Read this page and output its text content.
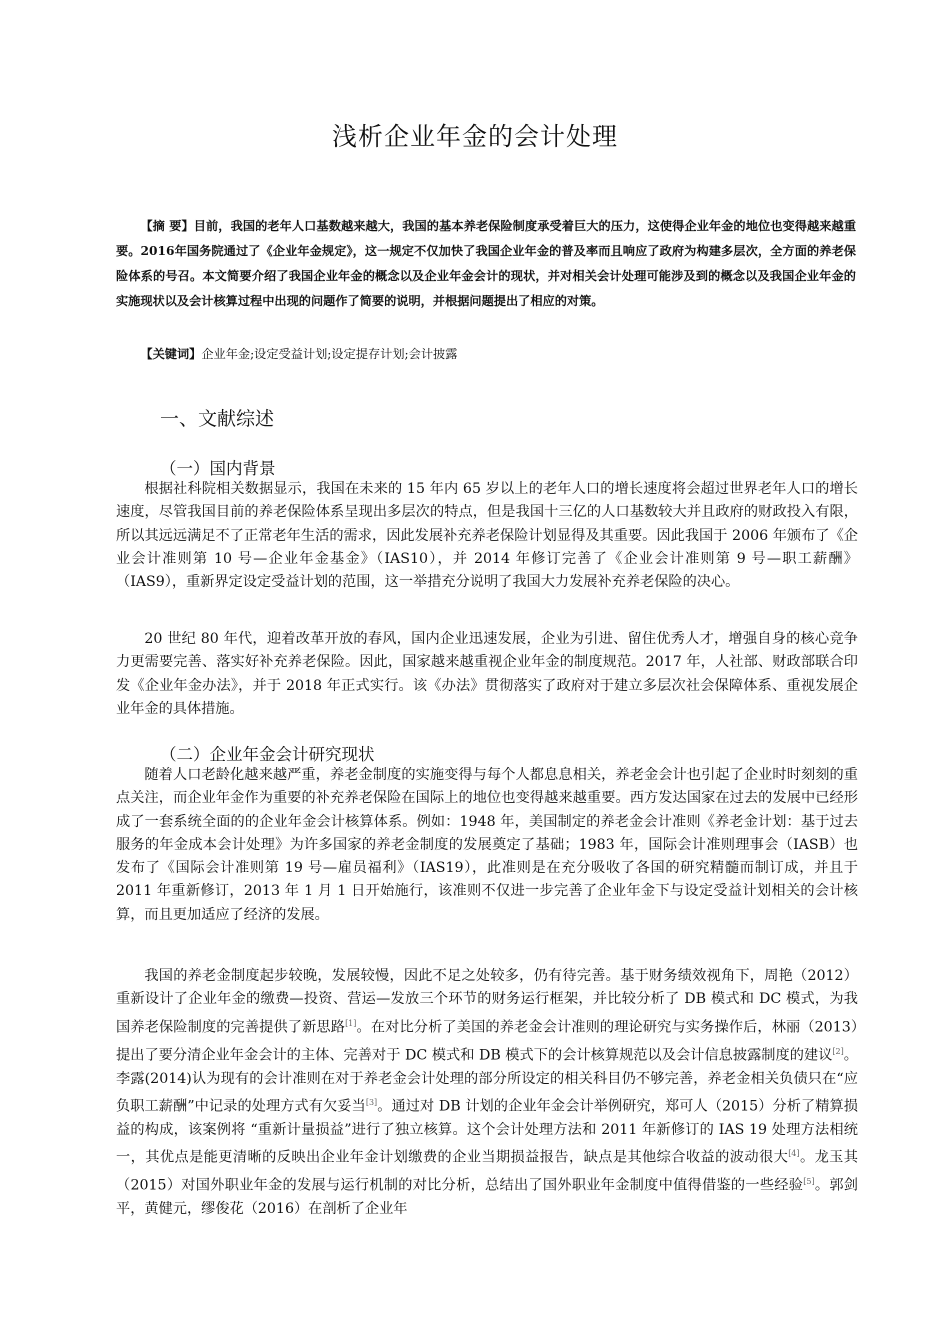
浅析企业年金的会计处理

【摘 要】目前，我国的老年人口基数越来越大，我国的基本养老保险制度承受着巨大的压力，这使得企业年金的地位也变得越来越重要。2016年国务院通过了《企业年金规定》，这一规定不仅加快了我国企业年金的普及率而且响应了政府为构建多层次，全方面的养老保险体系的号召。本文简要介绍了我国企业年金的概念以及企业年金会计的现状，并对相关会计处理可能涉及到的概念以及我国企业年金的实施现状以及会计核算过程中出现的问题作了简要的说明，并根据问题提出了相应的对策。

【关键词】企业年金;设定受益计划;设定提存计划;会计披露

一、文献综述
（一）国内背景

根据社科院相关数据显示，我国在未来的 15 年内 65 岁以上的老年人口的增长速度将会超过世界老年人口的增长速度，尽管我国目前的养老保险体系呈现出多层次的特点，但是我国十三亿的人口基数较大并且政府的财政投入有限，所以其远远满足不了正常老年生活的需求，因此发展补充养老保险计划显得及其重要。因此我国于 2006 年颁布了《企业会计准则第 10 号—企业年金基金》（IAS10），并 2014 年修订完善了《企业会计准则第 9 号—职工薪酬》（IAS9），重新界定设定受益计划的范围，这一举措充分说明了我国大力发展补充养老保险的决心。

20 世纪 80 年代，迎着改革开放的春风，国内企业迅速发展，企业为引进、留住优秀人才，增强自身的核心竞争力更需要完善、落实好补充养老保险。因此，国家越来越重视企业年金的制度规范。2017 年，人社部、财政部联合印发《企业年金办法》，并于 2018 年正式实行。该《办法》贯彻落实了政府对于建立多层次社会保障体系、重视发展企业年金的具体措施。

（二）企业年金会计研究现状

随着人口老龄化越来越严重，养老金制度的实施变得与每个人都息息相关，养老金会计也引起了企业时时刻刻的重点关注，而企业年金作为重要的补充养老保险在国际上的地位也变得越来越重要。西方发达国家在过去的发展中已经形成了一套系统全面的的企业年金会计核算体系。例如：1948 年，美国制定的养老金会计准则《养老金计划：基于过去服务的年金成本会计处理》为许多国家的养老金制度的发展奠定了基础；1983 年，国际会计准则理事会（IASB）也发布了《国际会计准则第 19 号—雇员福利》（IAS19），此准则是在充分吸收了各国的研究精髓而制订成，并且于 2011 年重新修订，2013 年 1 月 1 日开始施行，该准则不仅进一步完善了企业年金下与设定受益计划相关的会计核算，而且更加适应了经济的发展。

我国的养老金制度起步较晚，发展较慢，因此不足之处较多，仍有待完善。基于财务绩效视角下，周艳（2012）重新设计了企业年金的缴费—投资、营运—发放三个环节的财务运行框架，并比较分析了 DB 模式和 DC 模式，为我国养老保险制度的完善提供了新思路[1]。在对比分析了美国的养老金会计准则的理论研究与实务操作后，林丽（2013）提出了要分清企业年金会计的主体、完善对于 DC 模式和 DB 模式下的会计核算规范以及会计信息披露制度的建议[2]。李露(2014)认为现有的会计准则在对于养老金会计处理的部分所设定的相关科目仍不够完善，养老金相关负债只在“应负职工薪酬”中记录的处理方式有欠妥当[3]。通过对 DB 计划的企业年金会计举例研究，郑可人（2015）分析了精算损益的构成，该案例将 “重新计量损益”进行了独立核算。这个会计处理方法和 2011 年新修订的 IAS 19 处理方法相统一，其优点是能更清晰的反映出企业年金计划缴费的企业当期损益报告，缺点是其他综合收益的波动很大[4]。龙玉其（2015）对国外职业年金的发展与运行机制的对比分析，总结出了国外职业年金制度中值得借鉴的一些经验[5]。郭剑平，黄健元，缪俊花（2016）在剖析了企业年
